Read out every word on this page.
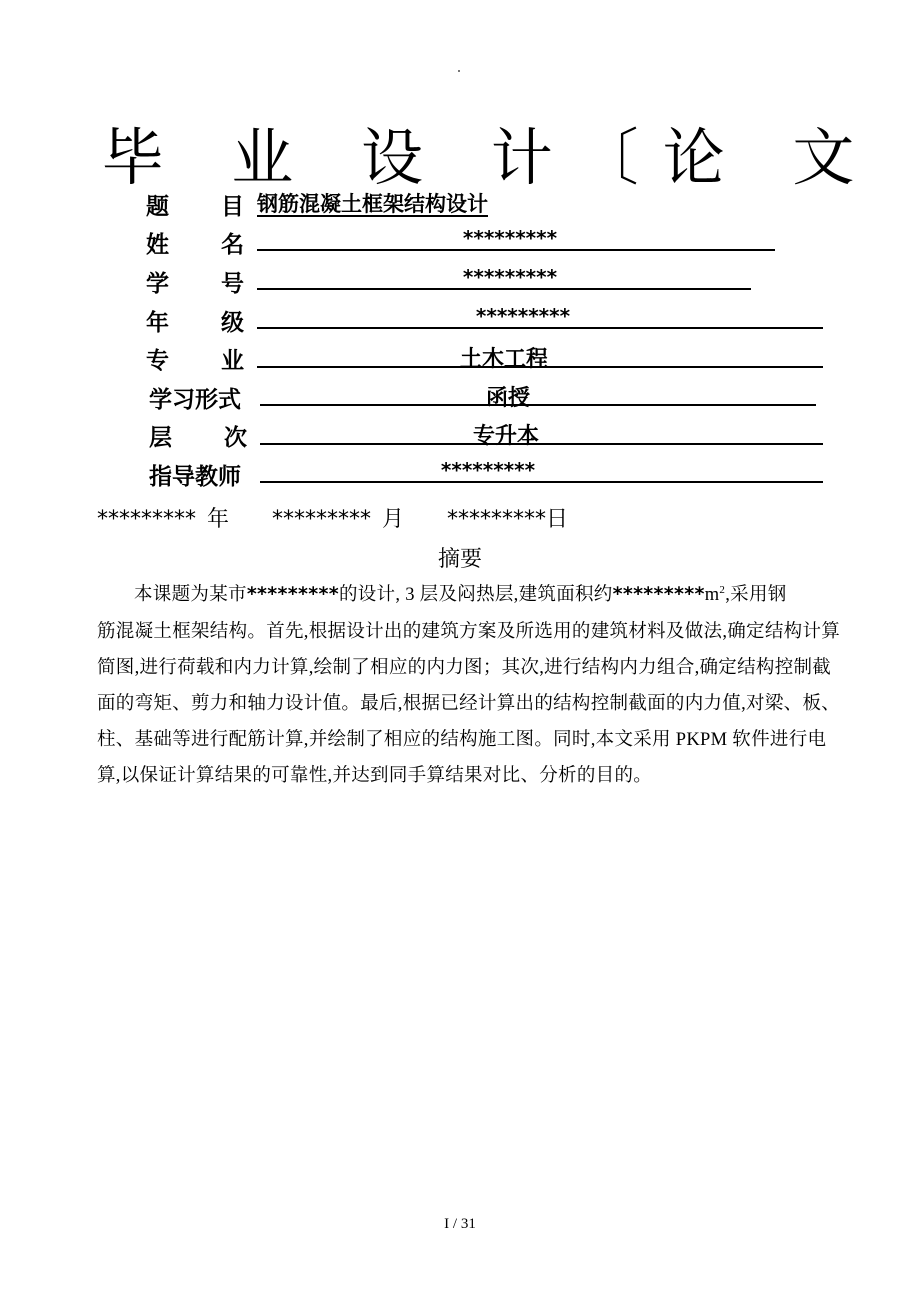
毕 业 设 计〔论 文
题 目 钢筋混凝土框架结构设计
姓 名	*********
学 号	*********
年 级	*********
专 业	土木工程
学习形式	函授
层 次	专升本
指导教师	*********
********* 年 ********* 月 *********日
摘要
本课题为某市*********的设计, 3 层及闷热层,建筑面积约$*********m^2$,采用钢
筋混凝土框架结构。首先,根据设计出的建筑方案及所选用的建筑材料及做法,确定结构计算
简图,进行荷载和内力计算,绘制了相应的内力图；其次,进行结构内力组合,确定结构控制截
面的弯矩、剪力和轴力设计值。最后,根据已经计算出的结构控制截面的内力值,对梁、板、
柱、基础等进行配筋计算,并绘制了相应的结构施工图。同时,本文采用 PKPM 软件进行电
算,以保证计算结果的可靠性,并达到同手算结果对比、分析的目的。
I / 31
